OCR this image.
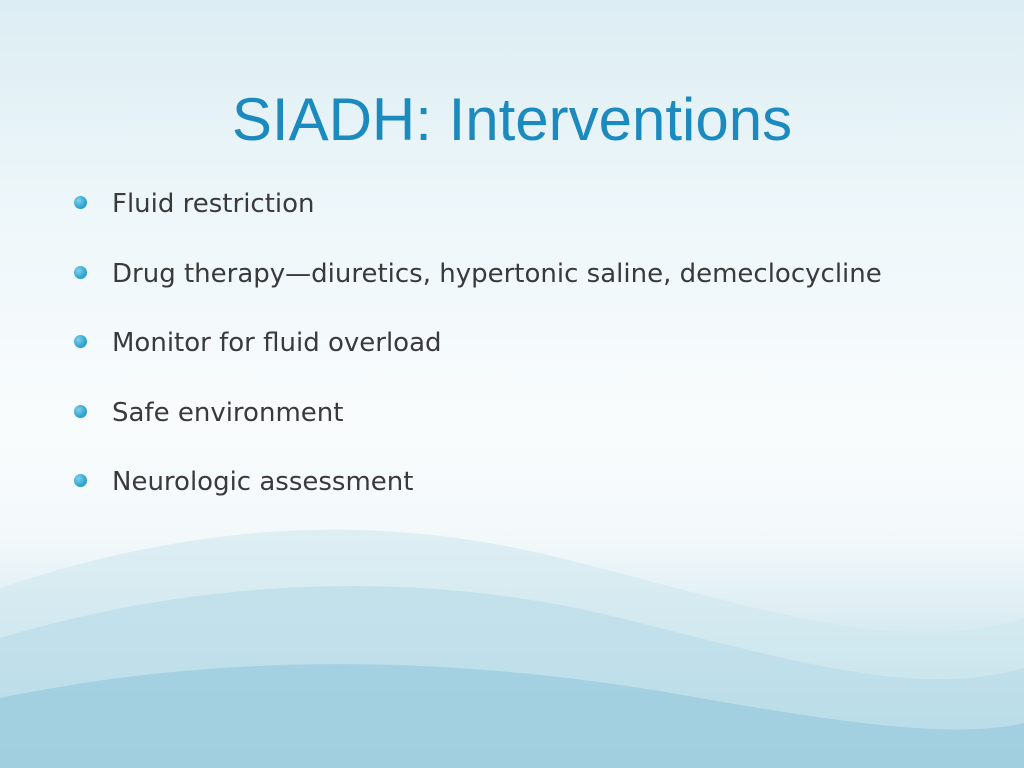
SIADH: Interventions
Fluid restriction
Drug therapy—diuretics, hypertonic saline, demeclocycline
Monitor for fluid overload
Safe environment
Neurologic assessment
